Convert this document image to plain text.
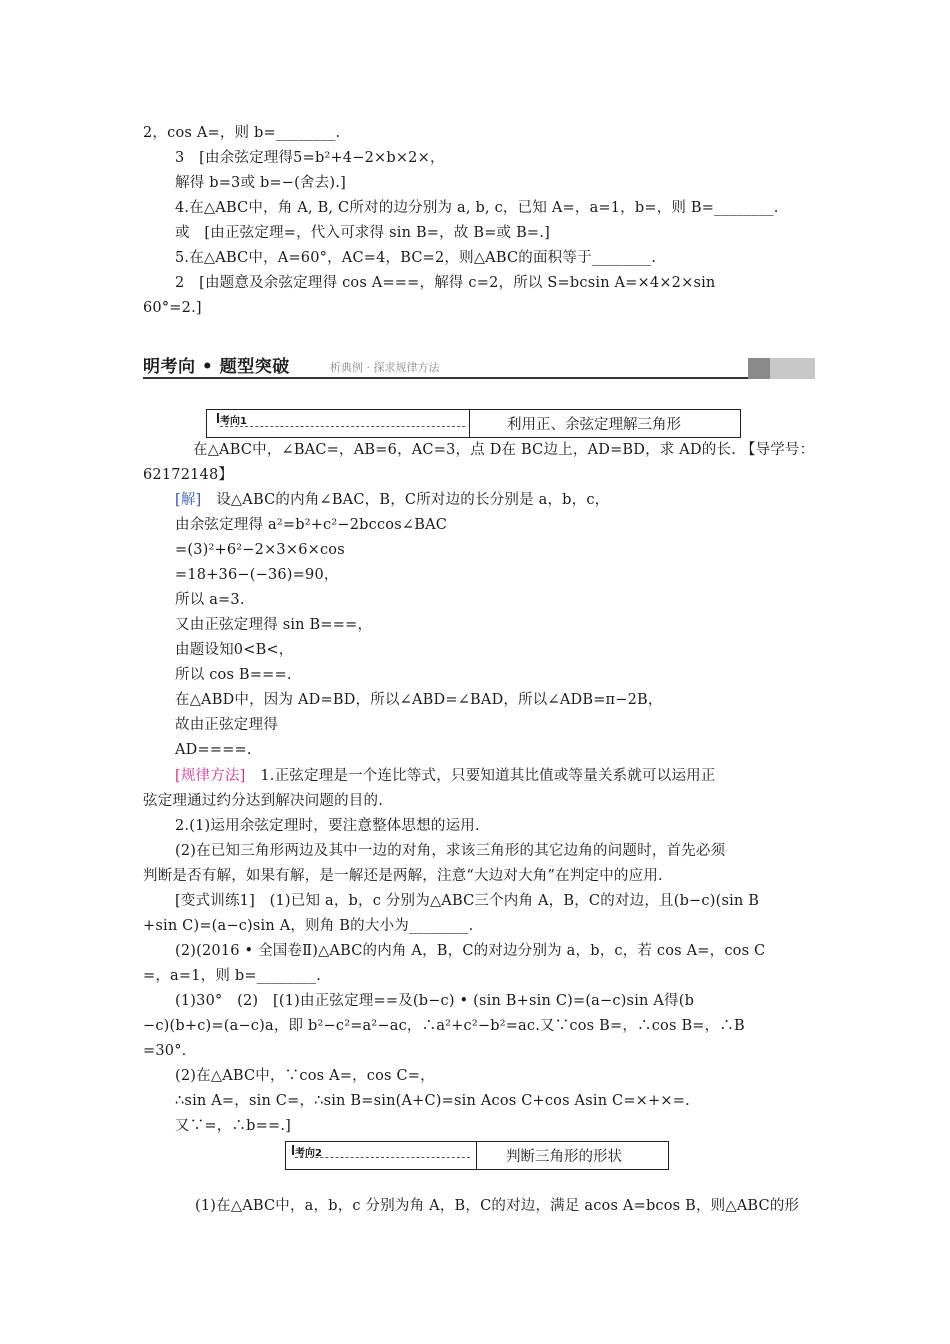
2，cos A=，则 b=________.
3　[由余弦定理得5=b²+4−2×b×2×，
解得 b=3或 b=−(舍去).]
4.在△ABC中，角 A, B, C所对的边分别为 a, b, c，已知 A=，a=1，b=，则 B=________.
或　[由正弦定理=，代入可求得 sin B=，故 B=或 B=.]
5.在△ABC中，A=60°，AC=4，BC=2，则△ABC的面积等于________.
2　[由题意及余弦定理得 cos A===，解得 c=2，所以 S=bcsin A=×4×2×sin
60°=2.]
明考向 • 题型突破	析典例 · 探求规律方法
考向1	利用正、余弦定理解三角形
在△ABC中，∠BAC=，AB=6，AC=3，点 D在 BC边上，AD=BD，求 AD的长. 【导学号：
62172148】
[解] 设△ABC的内角∠BAC，B，C所对边的长分别是 a，b，c，
由余弦定理得 a²=b²+c²−2bccos∠BAC
=(3)²+6²−2×3×6×cos
=18+36−(−36)=90，
所以 a=3.
又由正弦定理得 sin B===，
由题设知0<B<，
所以 cos B===.
在△ABD中，因为 AD=BD，所以∠ABD=∠BAD，所以∠ADB=π−2B，
故由正弦定理得
AD====.
[规律方法] 1.正弦定理是一个连比等式，只要知道其比值或等量关系就可以运用正
弦定理通过约分达到解决问题的目的.
2.(1)运用余弦定理时，要注意整体思想的运用.
(2)在已知三角形两边及其中一边的对角，求该三角形的其它边角的问题时，首先必须
判断是否有解，如果有解，是一解还是两解，注意“大边对大角”在判定中的应用.
[变式训练1]　(1)已知 a，b，c 分别为△ABC三个内角 A，B，C的对边，且(b−c)(sin B
+sin C)=(a−c)sin A，则角 B的大小为________.
(2)(2016 • 全国卷Ⅱ)△ABC的内角 A，B，C的对边分别为 a，b，c，若 cos A=，cos C
=，a=1，则 b=________.
(1)30°　(2)　[(1)由正弦定理==及(b−c) • (sin B+sin C)=(a−c)sin A得(b
−c)(b+c)=(a−c)a，即 b²−c²=a²−ac，∴a²+c²−b²=ac.又∵cos B=，∴cos B=，∴B
=30°.
(2)在△ABC中，∵cos A=，cos C=，
∴sin A=，sin C=，∴sin B=sin(A+C)=sin Acos C+cos Asin C=×+×=.
又∵=，∴b==.]
考向2	判断三角形的形状
(1)在△ABC中，a，b，c 分别为角 A，B，C的对边，满足 acos A=bcos B，则△ABC的形
